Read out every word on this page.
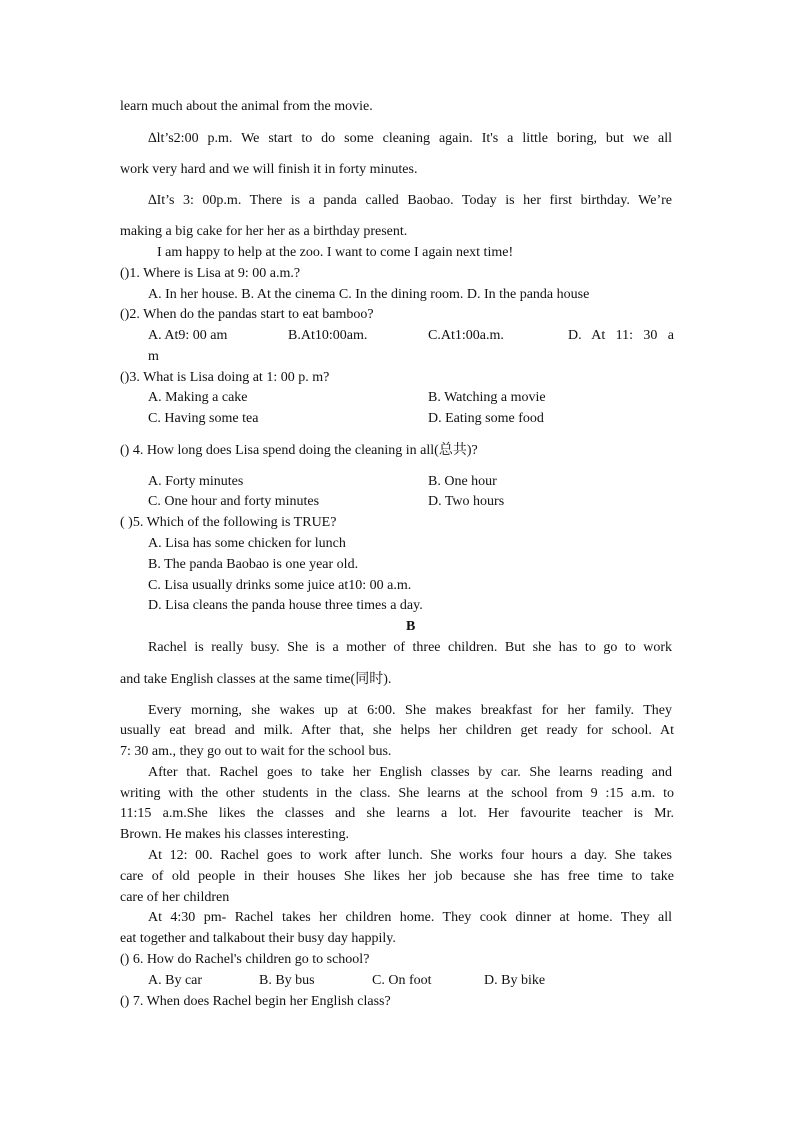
learn much about the animal from the movie.
∆lt’s2:00 p.m. We start to do some cleaning again. It's a little boring, but we all
work very hard and we will finish it in forty minutes.
∆It’s 3: 00p.m. There is a panda called Baobao. Today is her first birthday. We’re
making a big cake for her her as a birthday present.
I am happy to help at the zoo. I want to come I again next time!
()1. Where is Lisa at 9: 00 a.m.?
A. In her house. B. At the cinema C. In the dining room. D. In the panda house
()2. When do the pandas start to eat bamboo?
A. At9: 00 am	B.At10:00am.	C.At1:00a.m.	D. At 11: 30 a
m
()3. What is Lisa doing at 1: 00 p. m?
A. Making a cake	B. Watching a movie
C. Having some tea	D. Eating some food
() 4. How long does Lisa spend doing the cleaning in all(总共)?
A. Forty minutes	B. One hour
C. One hour and forty minutes	D. Two hours
( )5. Which of the following is TRUE?
A. Lisa has some chicken for lunch
B. The panda Baobao is one year old.
C. Lisa usually drinks some juice at10: 00 a.m.
D. Lisa cleans the panda house three times a day.
B
Rachel is really busy. She is a mother of three children. But she has to go to work
and take English classes at the same time(同时).
Every morning, she wakes up at 6:00. She makes breakfast for her family. They
usually eat bread and milk. After that, she helps her children get ready for school. At
7: 30 am., they go out to wait for the school bus.
After that. Rachel goes to take her English classes by car. She learns reading and
writing with the other students in the class. She learns at the school from 9 :15 a.m. to
11:15 a.m.She likes the classes and she learns a lot. Her favourite teacher is Mr.
Brown. He makes his classes interesting.
At 12: 00. Rachel goes to work after lunch. She works four hours a day. She takes
care of old people in their houses She likes her job because she has free time to take
care of her children
At 4:30 pm- Rachel takes her children home. They cook dinner at home. They all
eat together and talkabout their busy day happily.
() 6. How do Rachel's children go to school?
A. By car	B. By bus	C. On foot	D. By bike
() 7. When does Rachel begin her English class?
